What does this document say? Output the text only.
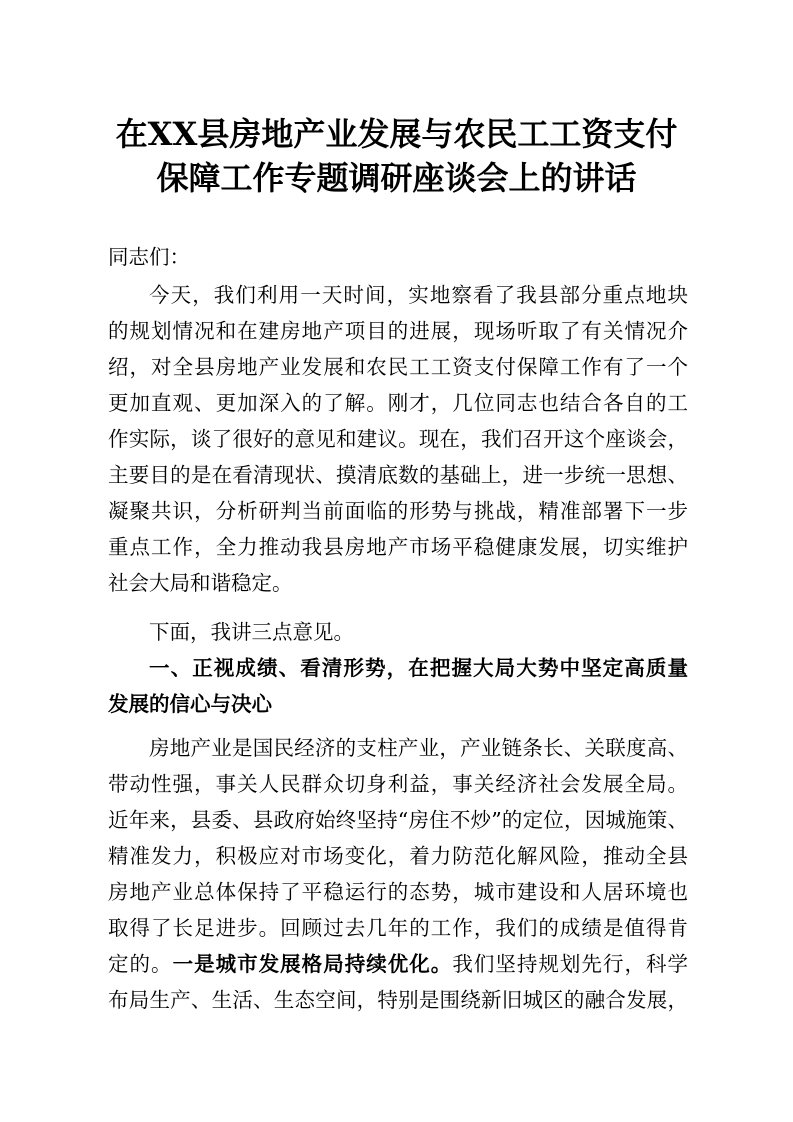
在XX县房地产业发展与农民工工资支付
保障工作专题调研座谈会上的讲话
同志们：
今天，我们利用一天时间，实地察看了我县部分重点地块
的规划情况和在建房地产项目的进展，现场听取了有关情况介
绍，对全县房地产业发展和农民工工资支付保障工作有了一个
更加直观、更加深入的了解。刚才，几位同志也结合各自的工
作实际，谈了很好的意见和建议。现在，我们召开这个座谈会，
主要目的是在看清现状、摸清底数的基础上，进一步统一思想、
凝聚共识，分析研判当前面临的形势与挑战，精准部署下一步
重点工作，全力推动我县房地产市场平稳健康发展，切实维护
社会大局和谐稳定。
下面，我讲三点意见。
一、正视成绩、看清形势，在把握大局大势中坚定高质量
发展的信心与决心
房地产业是国民经济的支柱产业，产业链条长、关联度高、
带动性强，事关人民群众切身利益，事关经济社会发展全局。
近年来，县委、县政府始终坚持“房住不炒”的定位，因城施策、
精准发力，积极应对市场变化，着力防范化解风险，推动全县
房地产业总体保持了平稳运行的态势，城市建设和人居环境也
取得了长足进步。回顾过去几年的工作，我们的成绩是值得肯
定的。一是城市发展格局持续优化。我们坚持规划先行，科学
布局生产、生活、生态空间，特别是围绕新旧城区的融合发展，
